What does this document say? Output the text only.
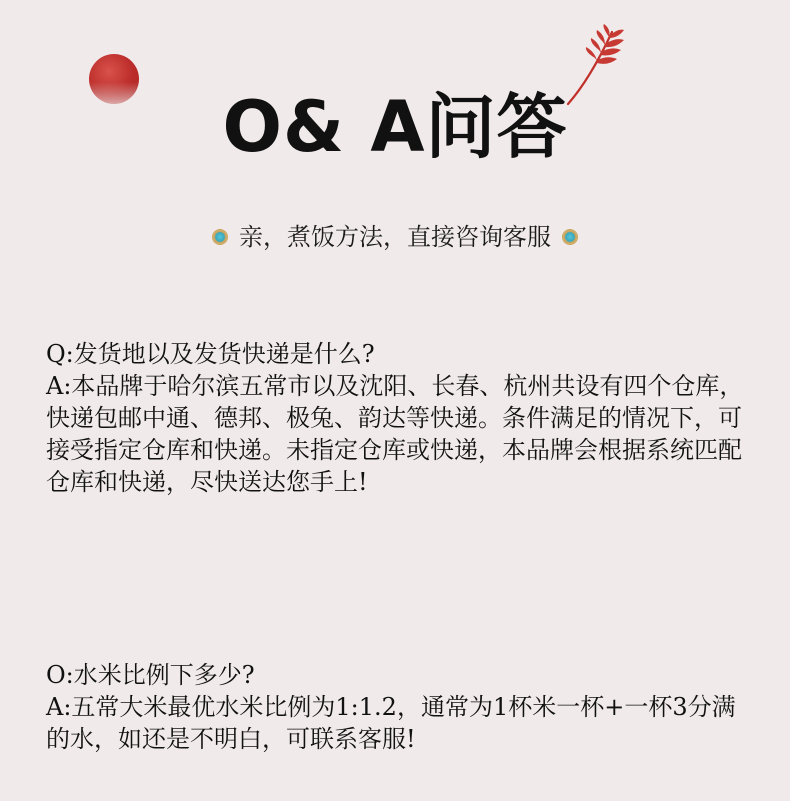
O& A问答
亲，煮饭方法，直接咨询客服

Q:发货地以及发货快递是什么?

A:本品牌于哈尔滨五常市以及沈阳、长春、杭州共设有四个仓库，快递包邮中通、德邦、极兔、韵达等快递。条件满足的情况下，可接受指定仓库和快递。未指定仓库或快递，本品牌会根据系统匹配仓库和快递，尽快送达您手上!

O:水米比例下多少?

A:五常大米最优水米比例为1:1.2，通常为1杯米一杯+一杯3分满的水，如还是不明白，可联系客服!
